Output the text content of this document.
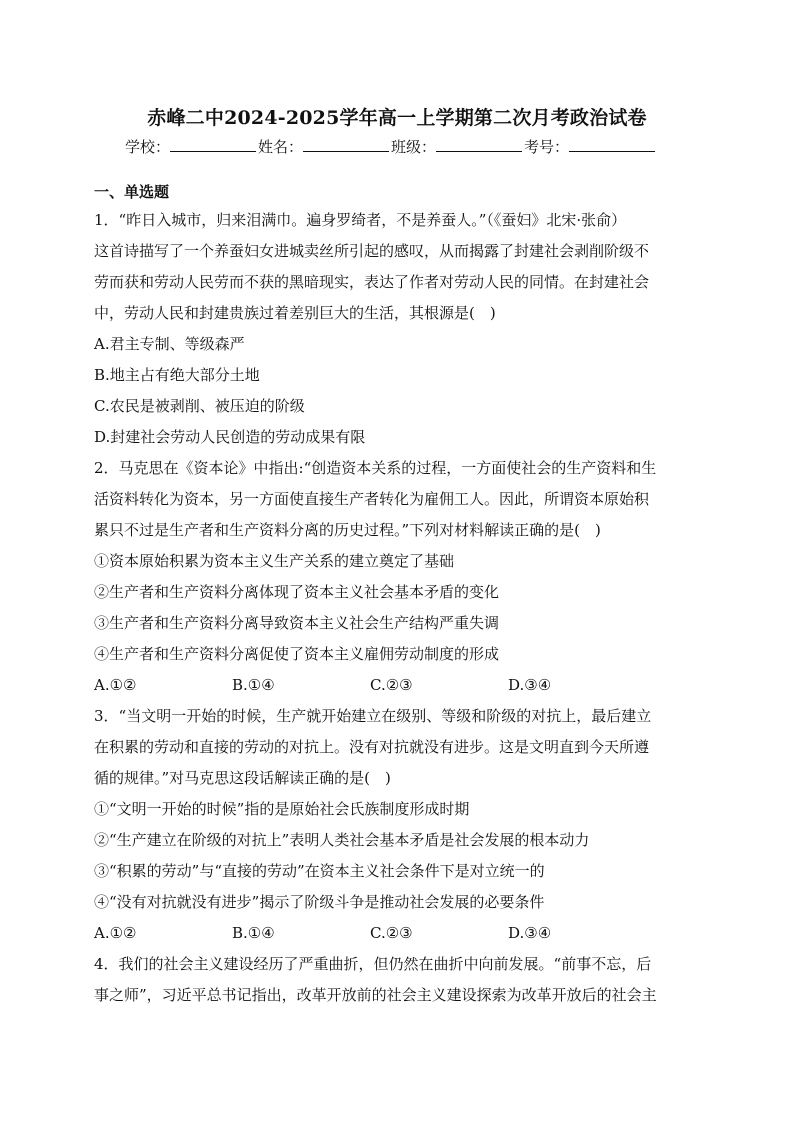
赤峰二中2024-2025学年高一上学期第二次月考政治试卷
学校：	姓名：	班级：	考号：
一、单选题
1．“昨日入城市，归来泪满巾。遍身罗绮者，不是养蚕人。”（《蚕妇》北宋·张俞）
这首诗描写了一个养蚕妇女进城卖丝所引起的感叹，从而揭露了封建社会剥削阶级不
劳而获和劳动人民劳而不获的黑暗现实，表达了作者对劳动人民的同情。在封建社会
中，劳动人民和封建贵族过着差别巨大的生活，其根源是(　)
A.君主专制、等级森严
B.地主占有绝大部分土地
C.农民是被剥削、被压迫的阶级
D.封建社会劳动人民创造的劳动成果有限
2．马克思在《资本论》中指出:“创造资本关系的过程，一方面使社会的生产资料和生
活资料转化为资本，另一方面使直接生产者转化为雇佣工人。因此，所谓资本原始积
累只不过是生产者和生产资料分离的历史过程。”下列对材料解读正确的是(　)
①资本原始积累为资本主义生产关系的建立奠定了基础
②生产者和生产资料分离体现了资本主义社会基本矛盾的变化
③生产者和生产资料分离导致资本主义社会生产结构严重失调
④生产者和生产资料分离促使了资本主义雇佣劳动制度的形成
A.①②	B.①④	C.②③	D.③④
3．“当文明一开始的时候，生产就开始建立在级别、等级和阶级的对抗上，最后建立
在积累的劳动和直接的劳动的对抗上。没有对抗就没有进步。这是文明直到今天所遵
循的规律。”对马克思这段话解读正确的是(　)
①“文明一开始的时候”指的是原始社会氏族制度形成时期
②“生产建立在阶级的对抗上”表明人类社会基本矛盾是社会发展的根本动力
③“积累的劳动”与“直接的劳动”在资本主义社会条件下是对立统一的
④“没有对抗就没有进步”揭示了阶级斗争是推动社会发展的必要条件
A.①②	B.①④	C.②③	D.③④
4．我们的社会主义建设经历了严重曲折，但仍然在曲折中向前发展。“前事不忘，后
事之师”，习近平总书记指出，改革开放前的社会主义建设探索为改革开放后的社会主
